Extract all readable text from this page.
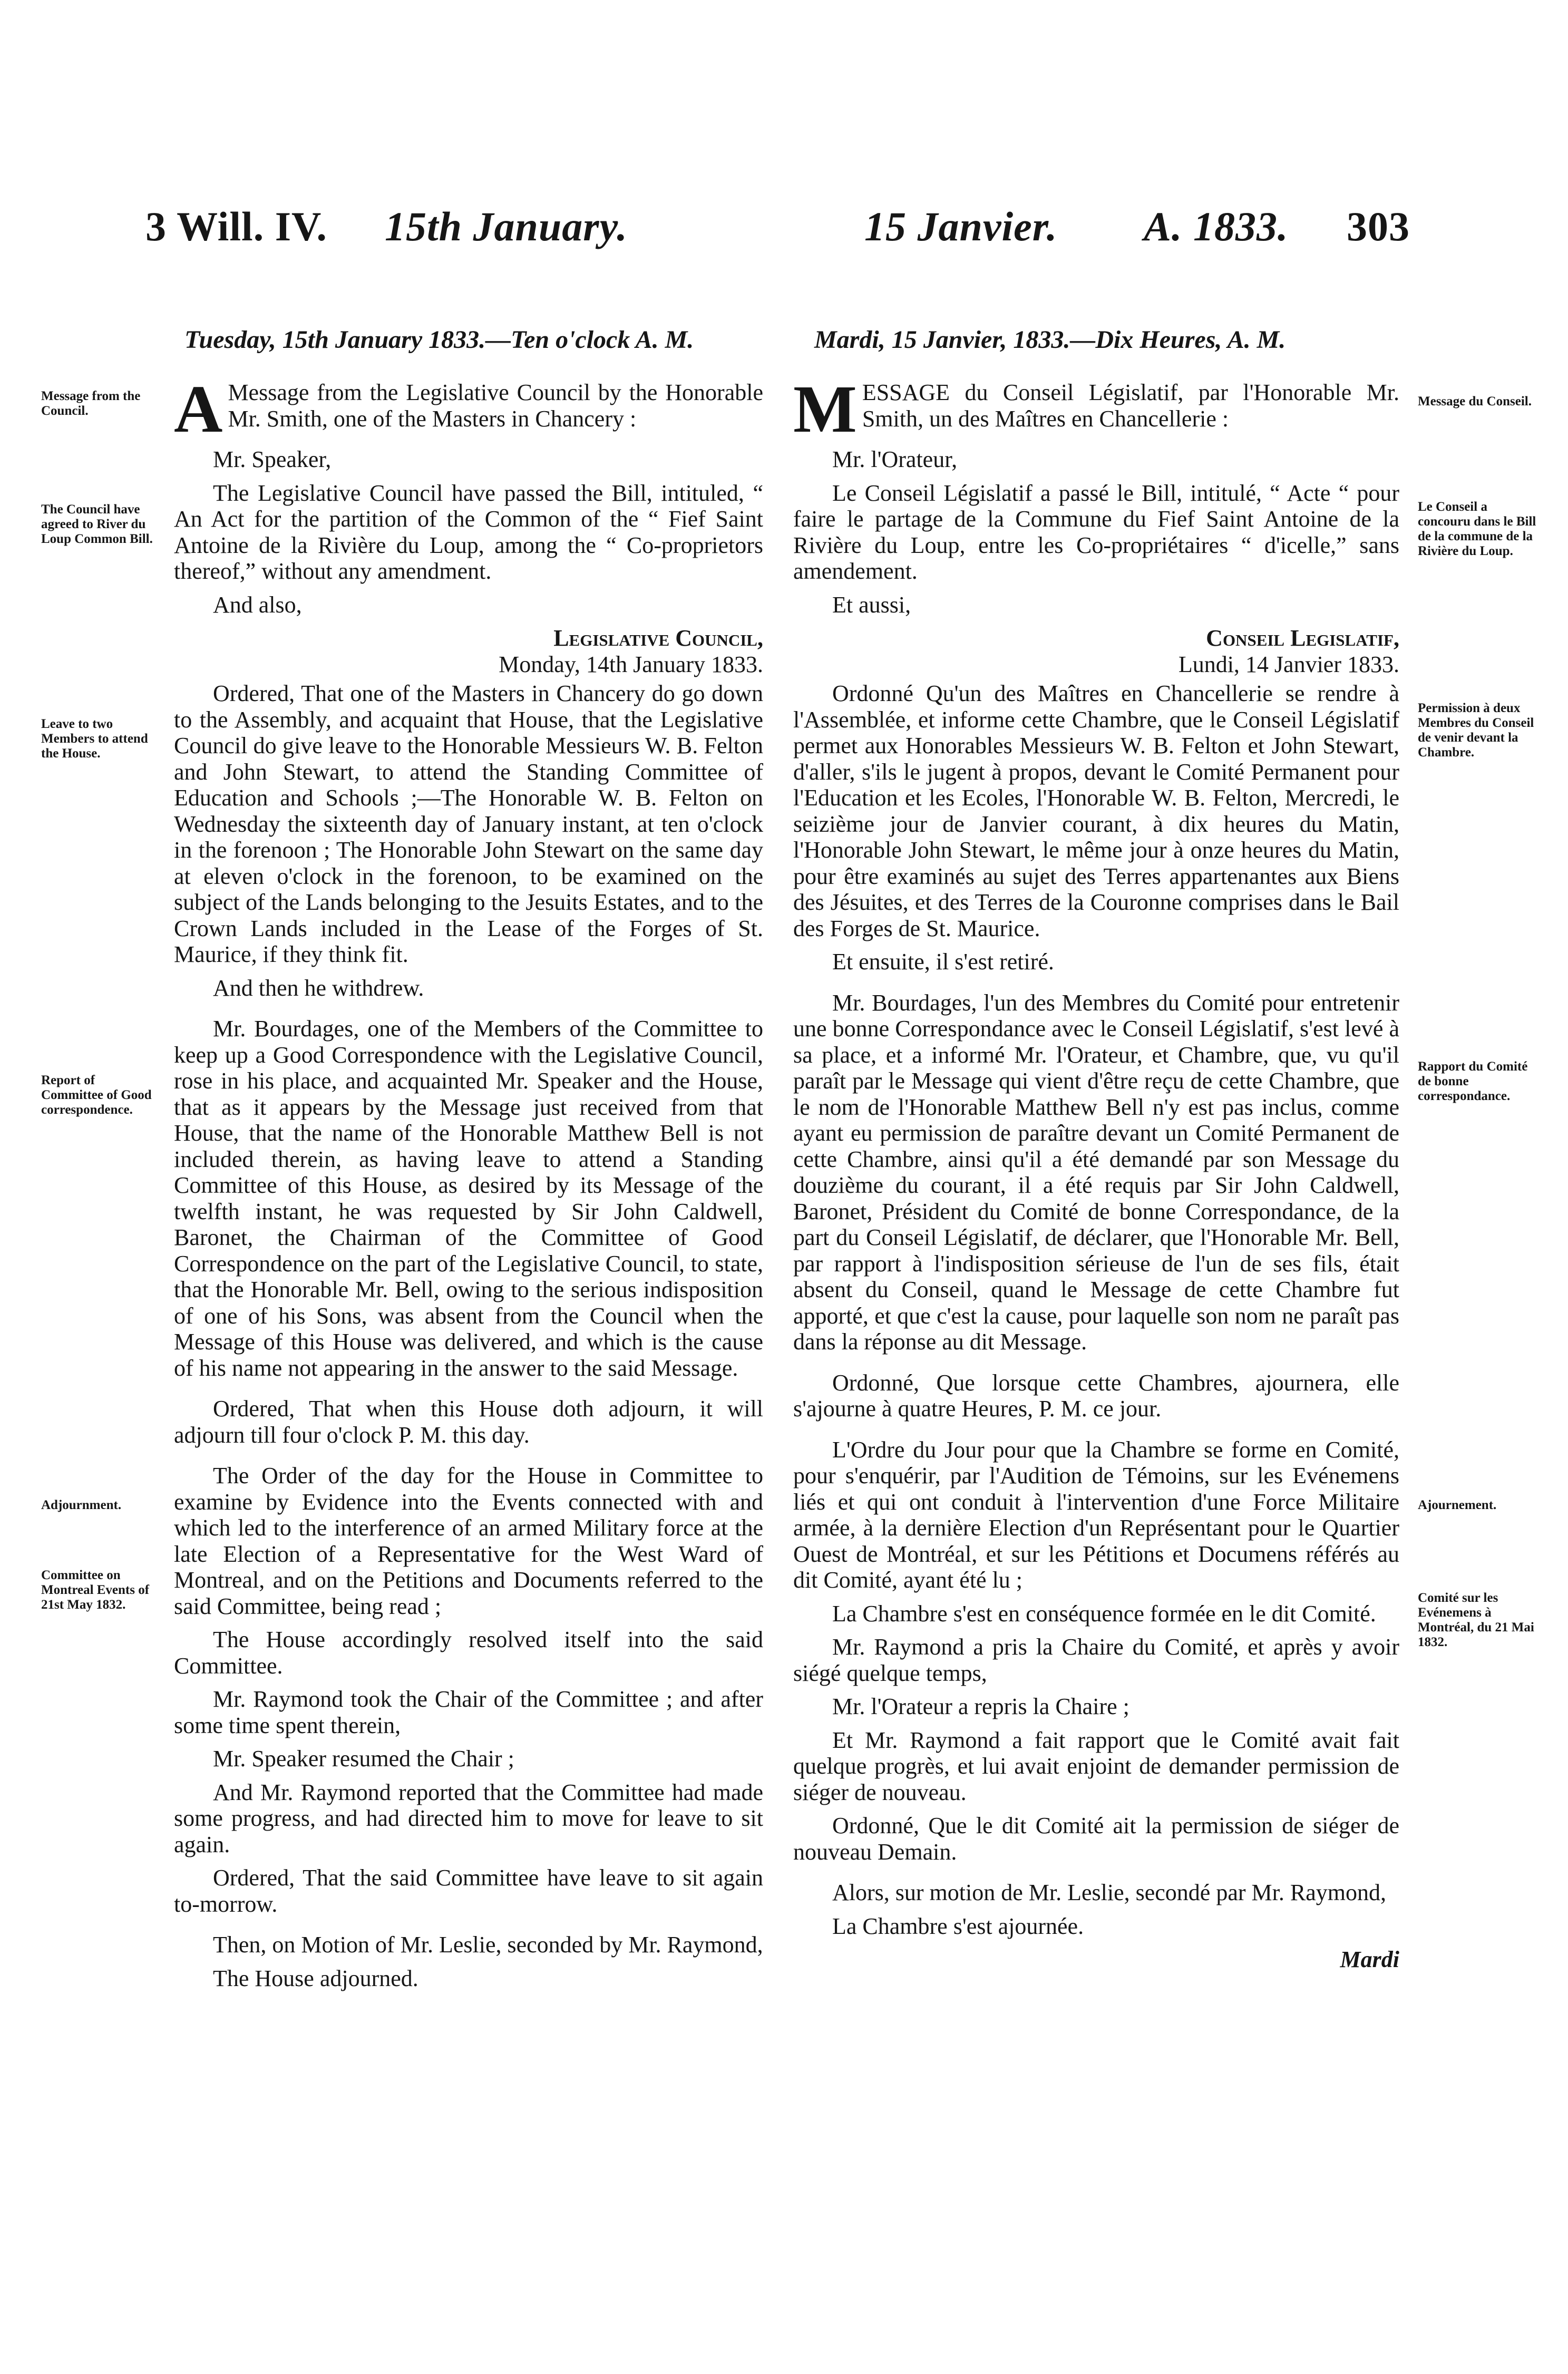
3 Will. IV. 15th January.	15 Janvier. A. 1833. 303
Tuesday, 15th January 1833.—Ten o'clock A. M.	Mardi, 15 Janvier, 1833.—Dix Heures, A. M.
Message from the Council.
The Council have agreed to River du Loup Common Bill.
Leave to two Members to attend the House.
Report of Committee of Good correspondence.
Adjournment.
Committee on Montreal Events of 21st May 1832.
Message du Conseil.
Le Conseil a concouru dans le Bill de la commune de la Rivière du Loup.
Permission à deux Membres du Conseil de venir devant la Chambre.
Rapport du Comité de bonne correspondance.
Ajournement.
Comité sur les Evénemens à Montréal, du 21 Mai 1832.

A Message from the Legislative Council by the Honorable Mr. Smith, one of the Masters in Chancery :

Mr. Speaker,

The Legislative Council have passed the Bill, intituled, “ An Act for the partition of the Common of the “ Fief Saint Antoine de la Rivière du Loup, among the “ Co-proprietors thereof,” without any amendment.

And also,

Legislative Council,

Monday, 14th January 1833.

Ordered, That one of the Masters in Chancery do go down to the Assembly, and acquaint that House, that the Legislative Council do give leave to the Honorable Messieurs W. B. Felton and John Stewart, to attend the Standing Committee of Education and Schools ;—The Honorable W. B. Felton on Wednesday the sixteenth day of January instant, at ten o'clock in the forenoon ; The Honorable John Stewart on the same day at eleven o'clock in the forenoon, to be examined on the subject of the Lands belonging to the Jesuits Estates, and to the Crown Lands included in the Lease of the Forges of St. Maurice, if they think fit.

And then he withdrew.

Mr. Bourdages, one of the Members of the Committee to keep up a Good Correspondence with the Legislative Council, rose in his place, and acquainted Mr. Speaker and the House, that as it appears by the Message just received from that House, that the name of the Honorable Matthew Bell is not included therein, as having leave to attend a Standing Committee of this House, as desired by its Message of the twelfth instant, he was requested by Sir John Caldwell, Baronet, the Chairman of the Committee of Good Correspondence on the part of the Legislative Council, to state, that the Honorable Mr. Bell, owing to the serious indisposition of one of his Sons, was absent from the Council when the Message of this House was delivered, and which is the cause of his name not appearing in the answer to the said Message.

Ordered, That when this House doth adjourn, it will adjourn till four o'clock P. M. this day.

The Order of the day for the House in Committee to examine by Evidence into the Events connected with and which led to the interference of an armed Military force at the late Election of a Representative for the West Ward of Montreal, and on the Petitions and Documents referred to the said Committee, being read ;

The House accordingly resolved itself into the said Committee.

Mr. Raymond took the Chair of the Committee ; and after some time spent therein,

Mr. Speaker resumed the Chair ;

And Mr. Raymond reported that the Committee had made some progress, and had directed him to move for leave to sit again.

Ordered, That the said Committee have leave to sit again to-morrow.

Then, on Motion of Mr. Leslie, seconded by Mr. Raymond,

The House adjourned.

MESSAGE du Conseil Législatif, par l'Honorable Mr. Smith, un des Maîtres en Chancellerie :

Mr. l'Orateur,

Le Conseil Législatif a passé le Bill, intitulé, “ Acte “ pour faire le partage de la Commune du Fief Saint Antoine de la Rivière du Loup, entre les Co-propriétaires “ d'icelle,” sans amendement.

Et aussi,

Conseil Legislatif,

Lundi, 14 Janvier 1833.

Ordonné Qu'un des Maîtres en Chancellerie se rendre à l'Assemblée, et informe cette Chambre, que le Conseil Législatif permet aux Honorables Messieurs W. B. Felton et John Stewart, d'aller, s'ils le jugent à propos, devant le Comité Permanent pour l'Education et les Ecoles, l'Honorable W. B. Felton, Mercredi, le seizième jour de Janvier courant, à dix heures du Matin, l'Honorable John Stewart, le même jour à onze heures du Matin, pour être examinés au sujet des Terres appartenantes aux Biens des Jésuites, et des Terres de la Couronne comprises dans le Bail des Forges de St. Maurice.

Et ensuite, il s'est retiré.

Mr. Bourdages, l'un des Membres du Comité pour entretenir une bonne Correspondance avec le Conseil Législatif, s'est levé à sa place, et a informé Mr. l'Orateur, et Chambre, que, vu qu'il paraît par le Message qui vient d'être reçu de cette Chambre, que le nom de l'Honorable Matthew Bell n'y est pas inclus, comme ayant eu permission de paraître devant un Comité Permanent de cette Chambre, ainsi qu'il a été demandé par son Message du douzième du courant, il a été requis par Sir John Caldwell, Baronet, Président du Comité de bonne Correspondance, de la part du Conseil Législatif, de déclarer, que l'Honorable Mr. Bell, par rapport à l'indisposition sérieuse de l'un de ses fils, était absent du Conseil, quand le Message de cette Chambre fut apporté, et que c'est la cause, pour laquelle son nom ne paraît pas dans la réponse au dit Message.

Ordonné, Que lorsque cette Chambres, ajournera, elle s'ajourne à quatre Heures, P. M. ce jour.

L'Ordre du Jour pour que la Chambre se forme en Comité, pour s'enquérir, par l'Audition de Témoins, sur les Evénemens liés et qui ont conduit à l'intervention d'une Force Militaire armée, à la dernière Election d'un Représentant pour le Quartier Ouest de Montréal, et sur les Pétitions et Documens référés au dit Comité, ayant été lu ;

La Chambre s'est en conséquence formée en le dit Comité.

Mr. Raymond a pris la Chaire du Comité, et après y avoir siégé quelque temps,

Mr. l'Orateur a repris la Chaire ;

Et Mr. Raymond a fait rapport que le Comité avait fait quelque progrès, et lui avait enjoint de demander permission de siéger de nouveau.

Ordonné, Que le dit Comité ait la permission de siéger de nouveau Demain.

Alors, sur motion de Mr. Leslie, secondé par Mr. Raymond,

La Chambre s'est ajournée.

Mardi
